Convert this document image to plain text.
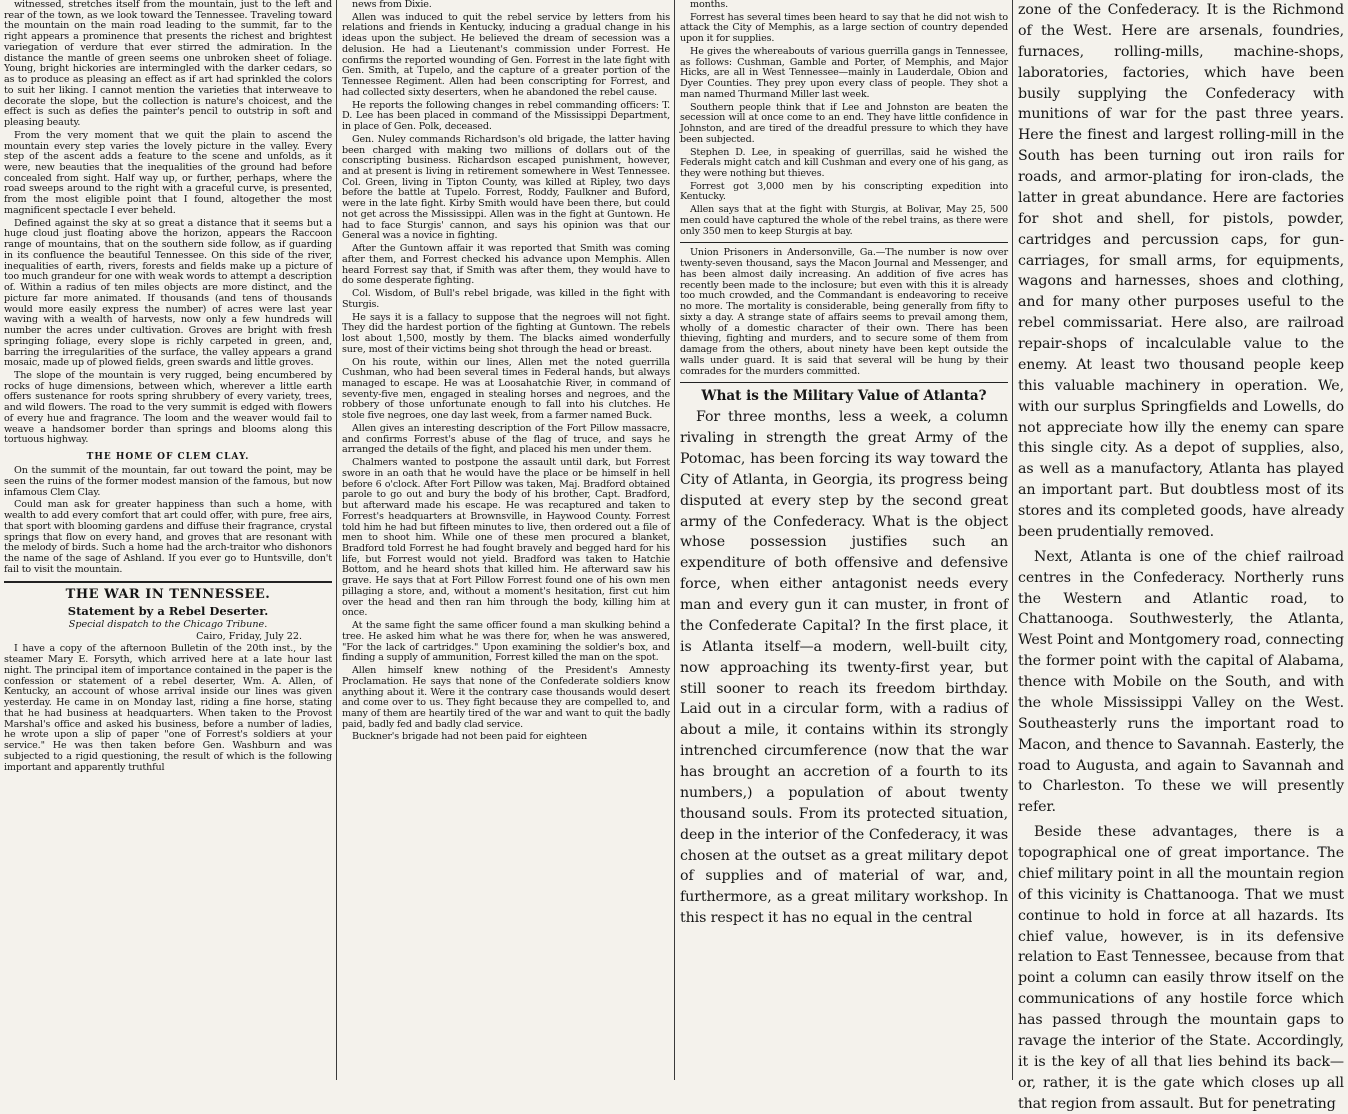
witnessed, stretches itself from the mountain, just to the left and rear of the town, as we look toward the Tennessee. Traveling toward the mountain on the main road leading to the summit, far to the right appears a prominence that presents the richest and brightest variegation of verdure that ever stirred the admiration. In the distance the mantle of green seems one unbroken sheet of foliage. Young, bright hickories are intermingled with the darker cedars, so as to produce as pleasing an effect as if art had sprinkled the colors to suit her liking. I cannot mention the varieties that interweave to decorate the slope, but the collection is nature's choicest, and the effect is such as defies the painter's pencil to outstrip in soft and pleasing beauty.

From the very moment that we quit the plain to ascend the mountain every step varies the lovely picture in the valley. Every step of the ascent adds a feature to the scene and unfolds, as it were, new beauties that the inequalities of the ground had before concealed from sight. Half way up, or further, perhaps, where the road sweeps around to the right with a graceful curve, is presented, from the most eligible point that I found, altogether the most magnificent spectacle I ever beheld.

Defined against the sky at so great a distance that it seems but a huge cloud just floating above the horizon, appears the Raccoon range of mountains, that on the southern side follow, as if guarding in its confluence the beautiful Tennessee. On this side of the river, inequalities of earth, rivers, forests and fields make up a picture of too much grandeur for one with weak words to attempt a description of. Within a radius of ten miles objects are more distinct, and the picture far more animated. If thousands (and tens of thousands would more easily express the number) of acres were last year waving with a wealth of harvests, now only a few hundreds will number the acres under cultivation. Groves are bright with fresh springing foliage, every slope is richly carpeted in green, and, barring the irregularities of the surface, the valley appears a grand mosaic, made up of plowed fields, green swards and little groves.

The slope of the mountain is very rugged, being encumbered by rocks of huge dimensions, between which, wherever a little earth offers sustenance for roots spring shrubbery of every variety, trees, and wild flowers. The road to the very summit is edged with flowers of every hue and fragrance. The loom and the weaver would fail to weave a handsomer border than springs and blooms along this tortuous highway.

THE HOME OF CLEM CLAY.

On the summit of the mountain, far out toward the point, may be seen the ruins of the former modest mansion of the famous, but now infamous Clem Clay.

Could man ask for greater happiness than such a home, with wealth to add every comfort that art could offer, with pure, free airs, that sport with blooming gardens and diffuse their fragrance, crystal springs that flow on every hand, and groves that are resonant with the melody of birds. Such a home had the arch-traitor who dishonors the name of the sage of Ashland. If you ever go to Huntsville, don't fail to visit the mountain.

THE WAR IN TENNESSEE.
Statement by a Rebel Deserter.
Special dispatch to the Chicago Tribune.
Cairo, Friday, July 22.

I have a copy of the afternoon Bulletin of the 20th inst., by the steamer Mary E. Forsyth, which arrived here at a late hour last night. The principal item of importance contained in the paper is the confession or statement of a rebel deserter, Wm. A. Allen, of Kentucky, an account of whose arrival inside our lines was given yesterday. He came in on Monday last, riding a fine horse, stating that he had business at headquarters. When taken to the Provost Marshal's office and asked his business, before a number of ladies, he wrote upon a slip of paper "one of Forrest's soldiers at your service." He was then taken before Gen. Washburn and was subjected to a rigid questioning, the result of which is the following important and apparently truthful

news from Dixie.

Allen was induced to quit the rebel service by letters from his relations and friends in Kentucky, inducing a gradual change in his ideas upon the subject. He believed the dream of secession was a delusion. He had a Lieutenant's commission under Forrest. He confirms the reported wounding of Gen. Forrest in the late fight with Gen. Smith, at Tupelo, and the capture of a greater portion of the Tennessee Regiment. Allen had been conscripting for Forrest, and had collected sixty deserters, when he abandoned the rebel cause.

He reports the following changes in rebel commanding officers: T. D. Lee has been placed in command of the Mississippi Department, in place of Gen. Polk, deceased.

Gen. Nuley commands Richardson's old brigade, the latter having been charged with making two millions of dollars out of the conscripting business. Richardson escaped punishment, however, and at present is living in retirement somewhere in West Tennessee. Col. Green, living in Tipton County, was killed at Ripley, two days before the battle at Tupelo. Forrest, Roddy, Faulkner and Buford, were in the late fight. Kirby Smith would have been there, but could not get across the Mississippi. Allen was in the fight at Guntown. He had to face Sturgis' cannon, and says his opinion was that our General was a novice in fighting.

After the Guntown affair it was reported that Smith was coming after them, and Forrest checked his advance upon Memphis. Allen heard Forrest say that, if Smith was after them, they would have to do some desperate fighting.

Col. Wisdom, of Bull's rebel brigade, was killed in the fight with Sturgis.

He says it is a fallacy to suppose that the negroes will not fight. They did the hardest portion of the fighting at Guntown. The rebels lost about 1,500, mostly by them. The blacks aimed wonderfully sure, most of their victims being shot through the head or breast.

On his route, within our lines, Allen met the noted guerrilla Cushman, who had been several times in Federal hands, but always managed to escape. He was at Loosahatchie River, in command of seventy-five men, engaged in stealing horses and negroes, and the robbery of those unfortunate enough to fall into his clutches. He stole five negroes, one day last week, from a farmer named Buck.

Allen gives an interesting description of the Fort Pillow massacre, and confirms Forrest's abuse of the flag of truce, and says he arranged the details of the fight, and placed his men under them.

Chalmers wanted to postpone the assault until dark, but Forrest swore in an oath that he would have the place or be himself in hell before 6 o'clock. After Fort Pillow was taken, Maj. Bradford obtained parole to go out and bury the body of his brother, Capt. Bradford, but afterward made his escape. He was recaptured and taken to Forrest's headquarters at Brownsville, in Haywood County. Forrest told him he had but fifteen minutes to live, then ordered out a file of men to shoot him. While one of these men procured a blanket, Bradford told Forrest he had fought bravely and begged hard for his life, but Forrest would not yield. Bradford was taken to Hatchie Bottom, and he heard shots that killed him. He afterward saw his grave. He says that at Fort Pillow Forrest found one of his own men pillaging a store, and, without a moment's hesitation, first cut him over the head and then ran him through the body, killing him at once.

At the same fight the same officer found a man skulking behind a tree. He asked him what he was there for, when he was answered, "For the lack of cartridges." Upon examining the soldier's box, and finding a supply of ammunition, Forrest killed the man on the spot.

Allen himself knew nothing of the President's Amnesty Proclamation. He says that none of the Confederate soldiers know anything about it. Were it the contrary case thousands would desert and come over to us. They fight because they are compelled to, and many of them are heartily tired of the war and want to quit the badly paid, badly fed and badly clad service.

Buckner's brigade had not been paid for eighteen

months.

Forrest has several times been heard to say that he did not wish to attack the City of Memphis, as a large section of country depended upon it for supplies.

He gives the whereabouts of various guerrilla gangs in Tennessee, as follows: Cushman, Gamble and Porter, of Memphis, and Major Hicks, are all in West Tennessee—mainly in Lauderdale, Obion and Dyer Counties. They prey upon every class of people. They shot a man named Thurmand Miller last week.

Southern people think that if Lee and Johnston are beaten the secession will at once come to an end. They have little confidence in Johnston, and are tired of the dreadful pressure to which they have been subjected.

Stephen D. Lee, in speaking of guerrillas, said he wished the Federals might catch and kill Cushman and every one of his gang, as they were nothing but thieves.

Forrest got 3,000 men by his conscripting expedition into Kentucky.

Allen says that at the fight with Sturgis, at Bolivar, May 25, 500 men could have captured the whole of the rebel trains, as there were only 350 men to keep Sturgis at bay.

Union Prisoners in Andersonville, Ga.—The number is now over twenty-seven thousand, says the Macon Journal and Messenger, and has been almost daily increasing. An addition of five acres has recently been made to the inclosure; but even with this it is already too much crowded, and the Commandant is endeavoring to receive no more. The mortality is considerable, being generally from fifty to sixty a day. A strange state of affairs seems to prevail among them, wholly of a domestic character of their own. There has been thieving, fighting and murders, and to secure some of them from damage from the others, about ninety have been kept outside the walls under guard. It is said that several will be hung by their comrades for the murders committed.

What is the Military Value of Atlanta?

For three months, less a week, a column rivaling in strength the great Army of the Potomac, has been forcing its way toward the City of Atlanta, in Georgia, its progress being disputed at every step by the second great army of the Confederacy. What is the object whose possession justifies such an expenditure of both offensive and defensive force, when either antagonist needs every man and every gun it can muster, in front of the Confederate Capital? In the first place, it is Atlanta itself—a modern, well-built city, now approaching its twenty-first year, but still sooner to reach its freedom birthday. Laid out in a circular form, with a radius of about a mile, it contains within its strongly intrenched circumference (now that the war has brought an accretion of a fourth to its numbers,) a population of about twenty thousand souls. From its protected situation, deep in the interior of the Confederacy, it was chosen at the outset as a great military depot of supplies and of material of war, and, furthermore, as a great military workshop. In this respect it has no equal in the central

zone of the Confederacy. It is the Richmond of the West. Here are arsenals, foundries, furnaces, rolling-mills, machine-shops, laboratories, factories, which have been busily supplying the Confederacy with munitions of war for the past three years. Here the finest and largest rolling-mill in the South has been turning out iron rails for roads, and armor-plating for iron-clads, the latter in great abundance. Here are factories for shot and shell, for pistols, powder, cartridges and percussion caps, for gun-carriages, for small arms, for equipments, wagons and harnesses, shoes and clothing, and for many other purposes useful to the rebel commissariat. Here also, are railroad repair-shops of incalculable value to the enemy. At least two thousand people keep this valuable machinery in operation. We, with our surplus Springfields and Lowells, do not appreciate how illy the enemy can spare this single city. As a depot of supplies, also, as well as a manufactory, Atlanta has played an important part. But doubtless most of its stores and its completed goods, have already been prudentially removed.

Next, Atlanta is one of the chief railroad centres in the Confederacy. Northerly runs the Western and Atlantic road, to Chattanooga. Southwesterly, the Atlanta, West Point and Montgomery road, connecting the former point with the capital of Alabama, thence with Mobile on the South, and with the whole Mississippi Valley on the West. Southeasterly runs the important road to Macon, and thence to Savannah. Easterly, the road to Augusta, and again to Savannah and to Charleston. To these we will presently refer.

Beside these advantages, there is a topographical one of great importance. The chief military point in all the mountain region of this vicinity is Chattanooga. That we must continue to hold in force at all hazards. Its chief value, however, is in its defensive relation to East Tennessee, because from that point a column can easily throw itself on the communications of any hostile force which has passed through the mountain gaps to ravage the interior of the State. Accordingly, it is the key of all that lies behind its back—or, rather, it is the gate which closes up all that region from assault. But for penetrating
